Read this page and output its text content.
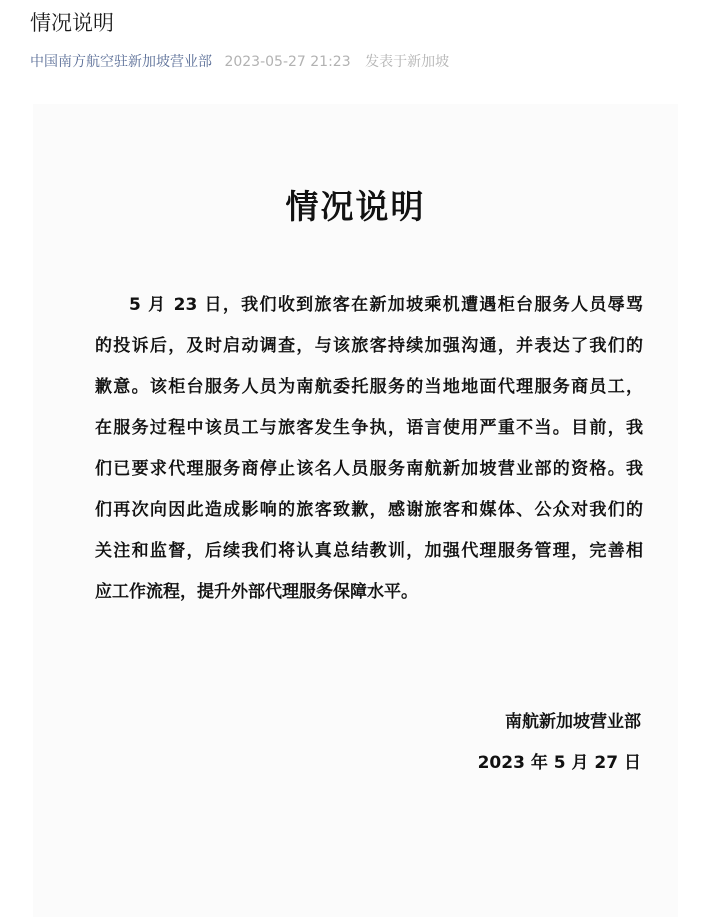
情况说明
中国南方航空驻新加坡营业部 2023-05-27 21:23 发表于新加坡
情况说明
5 月 23 日，我们收到旅客在新加坡乘机遭遇柜台服务人员辱骂
的投诉后，及时启动调查，与该旅客持续加强沟通，并表达了我们的
歉意。该柜台服务人员为南航委托服务的当地地面代理服务商员工，
在服务过程中该员工与旅客发生争执，语言使用严重不当。目前，我
们已要求代理服务商停止该名人员服务南航新加坡营业部的资格。我
们再次向因此造成影响的旅客致歉，感谢旅客和媒体、公众对我们的
关注和监督，后续我们将认真总结教训，加强代理服务管理，完善相
应工作流程，提升外部代理服务保障水平。
南航新加坡营业部
2023 年 5 月 27 日
